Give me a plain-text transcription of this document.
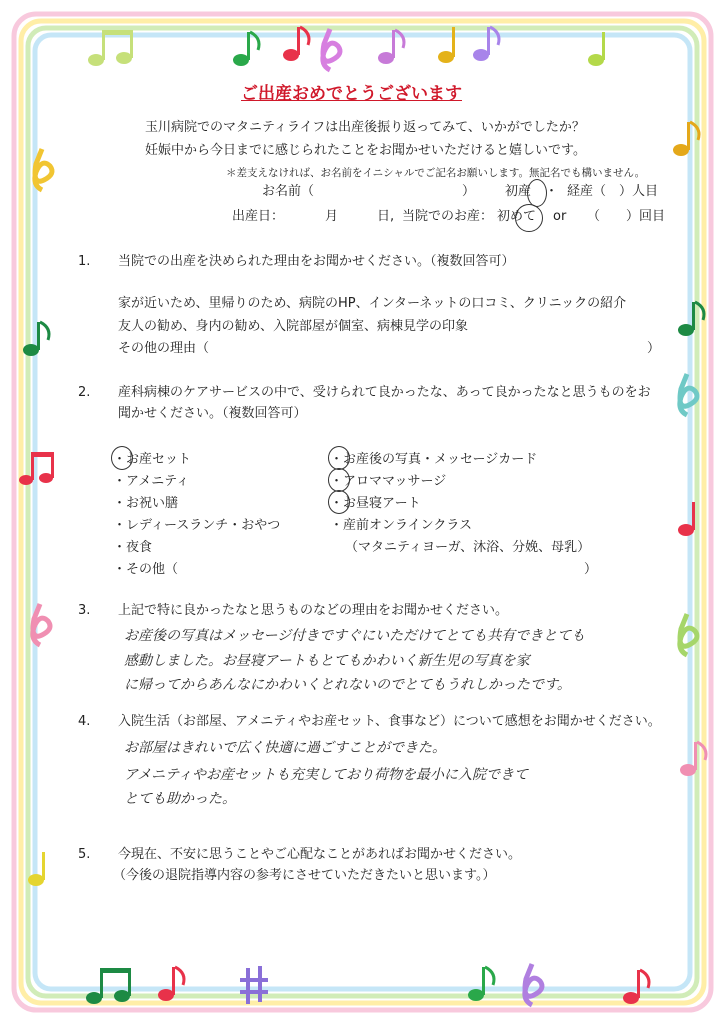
ご出産おめでとうございます
玉川病院でのマタニティライフは出産後振り返ってみて、いかがでしたか？
妊娠中から今日までに感じられたことをお聞かせいただけると嬉しいです。
＊差支えなければ、お名前をイニシャルでご記名お願いします。無記名でも構いません。
お名前（	） 初産 ・ 経産（　）人目
出産日：	月	日, 当院でのお産： 初めて or （　　）回目
1. 当院での出産を決められた理由をお聞かせください。（複数回答可）
家が近いため、里帰りのため、病院のHP、インターネットの口コミ、クリニックの紹介
友人の勧め、身内の勧め、入院部屋が個室、病棟見学の印象
その他の理由（	）
2. 産科病棟のケアサービスの中で、受けられて良かったな、あって良かったなと思うものをお
聞かせください。（複数回答可）
・お産セット
・アメニティ
・お祝い膳
・レディースランチ・おやつ
・夜食
・その他（	）
・お産後の写真・メッセージカード
・アロママッサージ
・お昼寝アート
・産前オンラインクラス
（マタニティヨーガ、沐浴、分娩、母乳）
3. 上記で特に良かったなと思うものなどの理由をお聞かせください。
お産後の写真はメッセージ付きですぐにいただけてとても共有できとても
感動しました。お昼寝アートもとてもかわいく新生児の写真を家
に帰ってからあんなにかわいくとれないのでとてもうれしかったです。
4. 入院生活（お部屋、アメニティやお産セット、食事など）について感想をお聞かせください。
お部屋はきれいで広く快適に過ごすことができた。
アメニティやお産セットも充実しており荷物を最小に入院できて
とても助かった。
5. 今現在、不安に思うことやご心配なことがあればお聞かせください。
（今後の退院指導内容の参考にさせていただきたいと思います。）
